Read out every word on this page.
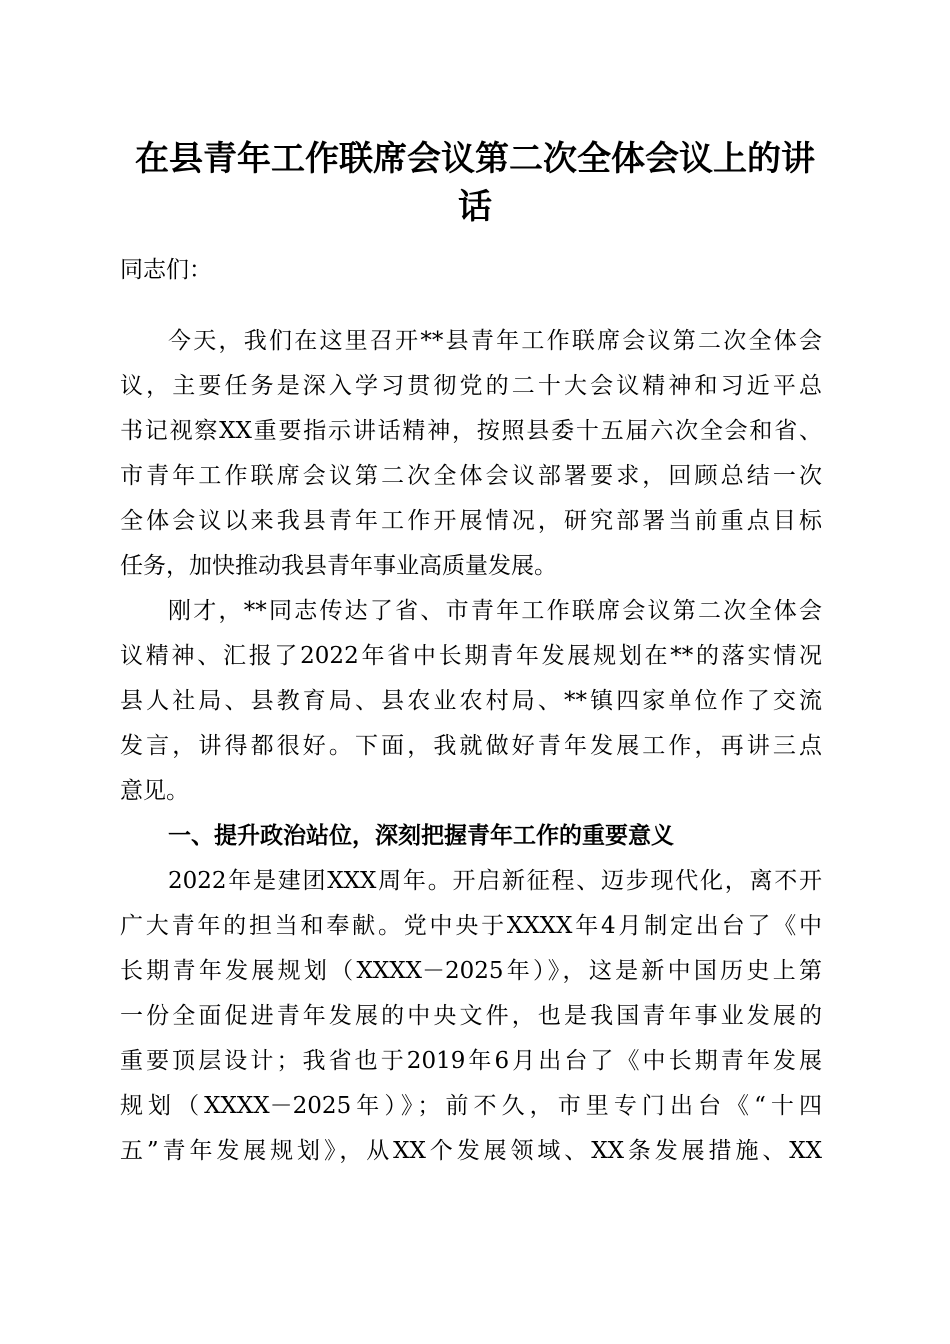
在县青年工作联席会议第二次全体会议上的讲
话
同志们：
今天，我们在这里召开**县青年工作联席会议第二次全体会
议，主要任务是深入学习贯彻党的二十大会议精神和习近平总
书记视察XX重要指示讲话精神，按照县委十五届六次全会和省、
市青年工作联席会议第二次全体会议部署要求，回顾总结一次
全体会议以来我县青年工作开展情况，研究部署当前重点目标
任务，加快推动我县青年事业高质量发展。
刚才，**同志传达了省、市青年工作联席会议第二次全体会
议精神、汇报了2022年省中长期青年发展规划在**的落实情况
县人社局、县教育局、县农业农村局、**镇四家单位作了交流
发言，讲得都很好。下面，我就做好青年发展工作，再讲三点
意见。
一、提升政治站位，深刻把握青年工作的重要意义
2022年是建团XXX周年。开启新征程、迈步现代化，离不开
广大青年的担当和奉献。党中央于XXXX年4月制定出台了《中
长期青年发展规划（XXXX－2025年）》，这是新中国历史上第
一份全面促进青年发展的中央文件，也是我国青年事业发展的
重要顶层设计；我省也于2019年6月出台了《中长期青年发展
规划（XXXX－2025年）》；前不久，市里专门出台《“十四
五”青年发展规划》，从XX个发展领域、XX条发展措施、XX
